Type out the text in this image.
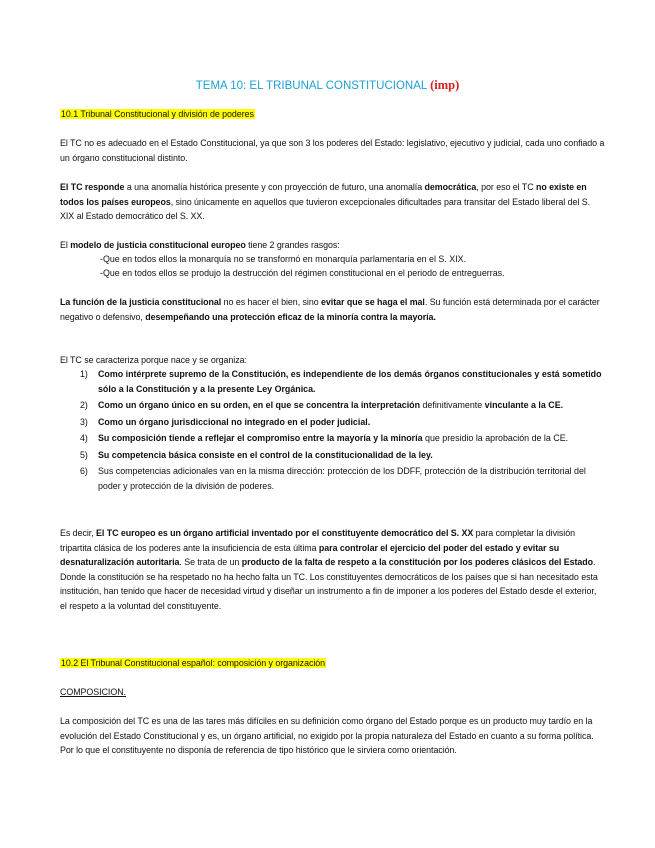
TEMA 10: EL TRIBUNAL CONSTITUCIONAL (imp)

10.1 Tribunal Constitucional y división de poderes

El TC no es adecuado en el Estado Constitucional, ya que son 3 los poderes del Estado: legislativo, ejecutivo y judicial, cada uno confiado a un órgano constitucional distinto.

El TC responde a una anomalía histórica presente y con proyección de futuro, una anomalía democrática, por eso el TC no existe en todos los países europeos, sino únicamente en aquellos que tuvieron excepcionales dificultades para transitar del Estado liberal del S. XIX al Estado democrático del S. XX.

El modelo de justicia constitucional europeo tiene 2 grandes rasgos:

-Que en todos ellos la monarquía no se transformó en monarquía parlamentaria en el S. XIX.

-Que en todos ellos se produjo la destrucción del régimen constitucional en el periodo de entreguerras.

La función de la justicia constitucional no es hacer el bien, sino evitar que se haga el mal. Su función está determinada por el carácter negativo o defensivo, desempeñando una protección eficaz de la minoría contra la mayoría.

El TC se caracteriza porque nace y se organiza:

1) Como intérprete supremo de la Constitución, es independiente de los demás órganos constitucionales y está sometido sólo a la Constitución y a la presente Ley Orgánica.
2) Como un órgano único en su orden, en el que se concentra la interpretación definitivamente vinculante a la CE.
3) Como un órgano jurisdiccional no integrado en el poder judicial.
4) Su composición tiende a reflejar el compromiso entre la mayoría y la minoría que presidio la aprobación de la CE.
5) Su competencia básica consiste en el control de la constitucionalidad de la ley.
6) Sus competencias adicionales van en la misma dirección: protección de los DDFF, protección de la distribución territorial del poder y protección de la división de poderes.

Es decir, El TC europeo es un órgano artificial inventado por el constituyente democrático del S. XX para completar la división tripartita clásica de los poderes ante la insuficiencia de esta última para controlar el ejercicio del poder del estado y evitar su desnaturalización autoritaria. Se trata de un producto de la falta de respeto a la constitución por los poderes clásicos del Estado. Donde la constitución se ha respetado no ha hecho falta un TC. Los constituyentes democráticos de los países que si han necesitado esta institución, han tenido que hacer de necesidad virtud y diseñar un instrumento a fin de imponer a los poderes del Estado desde el exterior, el respeto a la voluntad del constituyente.

10.2 El Tribunal Constitucional español: composición y organización

COMPOSICION.

La composición del TC es una de las tares más difíciles en su definición como órgano del Estado porque es un producto muy tardío en la evolución del Estado Constitucional y es, un órgano artificial, no exigido por la propia naturaleza del Estado en cuanto a su forma política. Por lo que el constituyente no disponía de referencia de tipo histórico que le sirviera como orientación.
